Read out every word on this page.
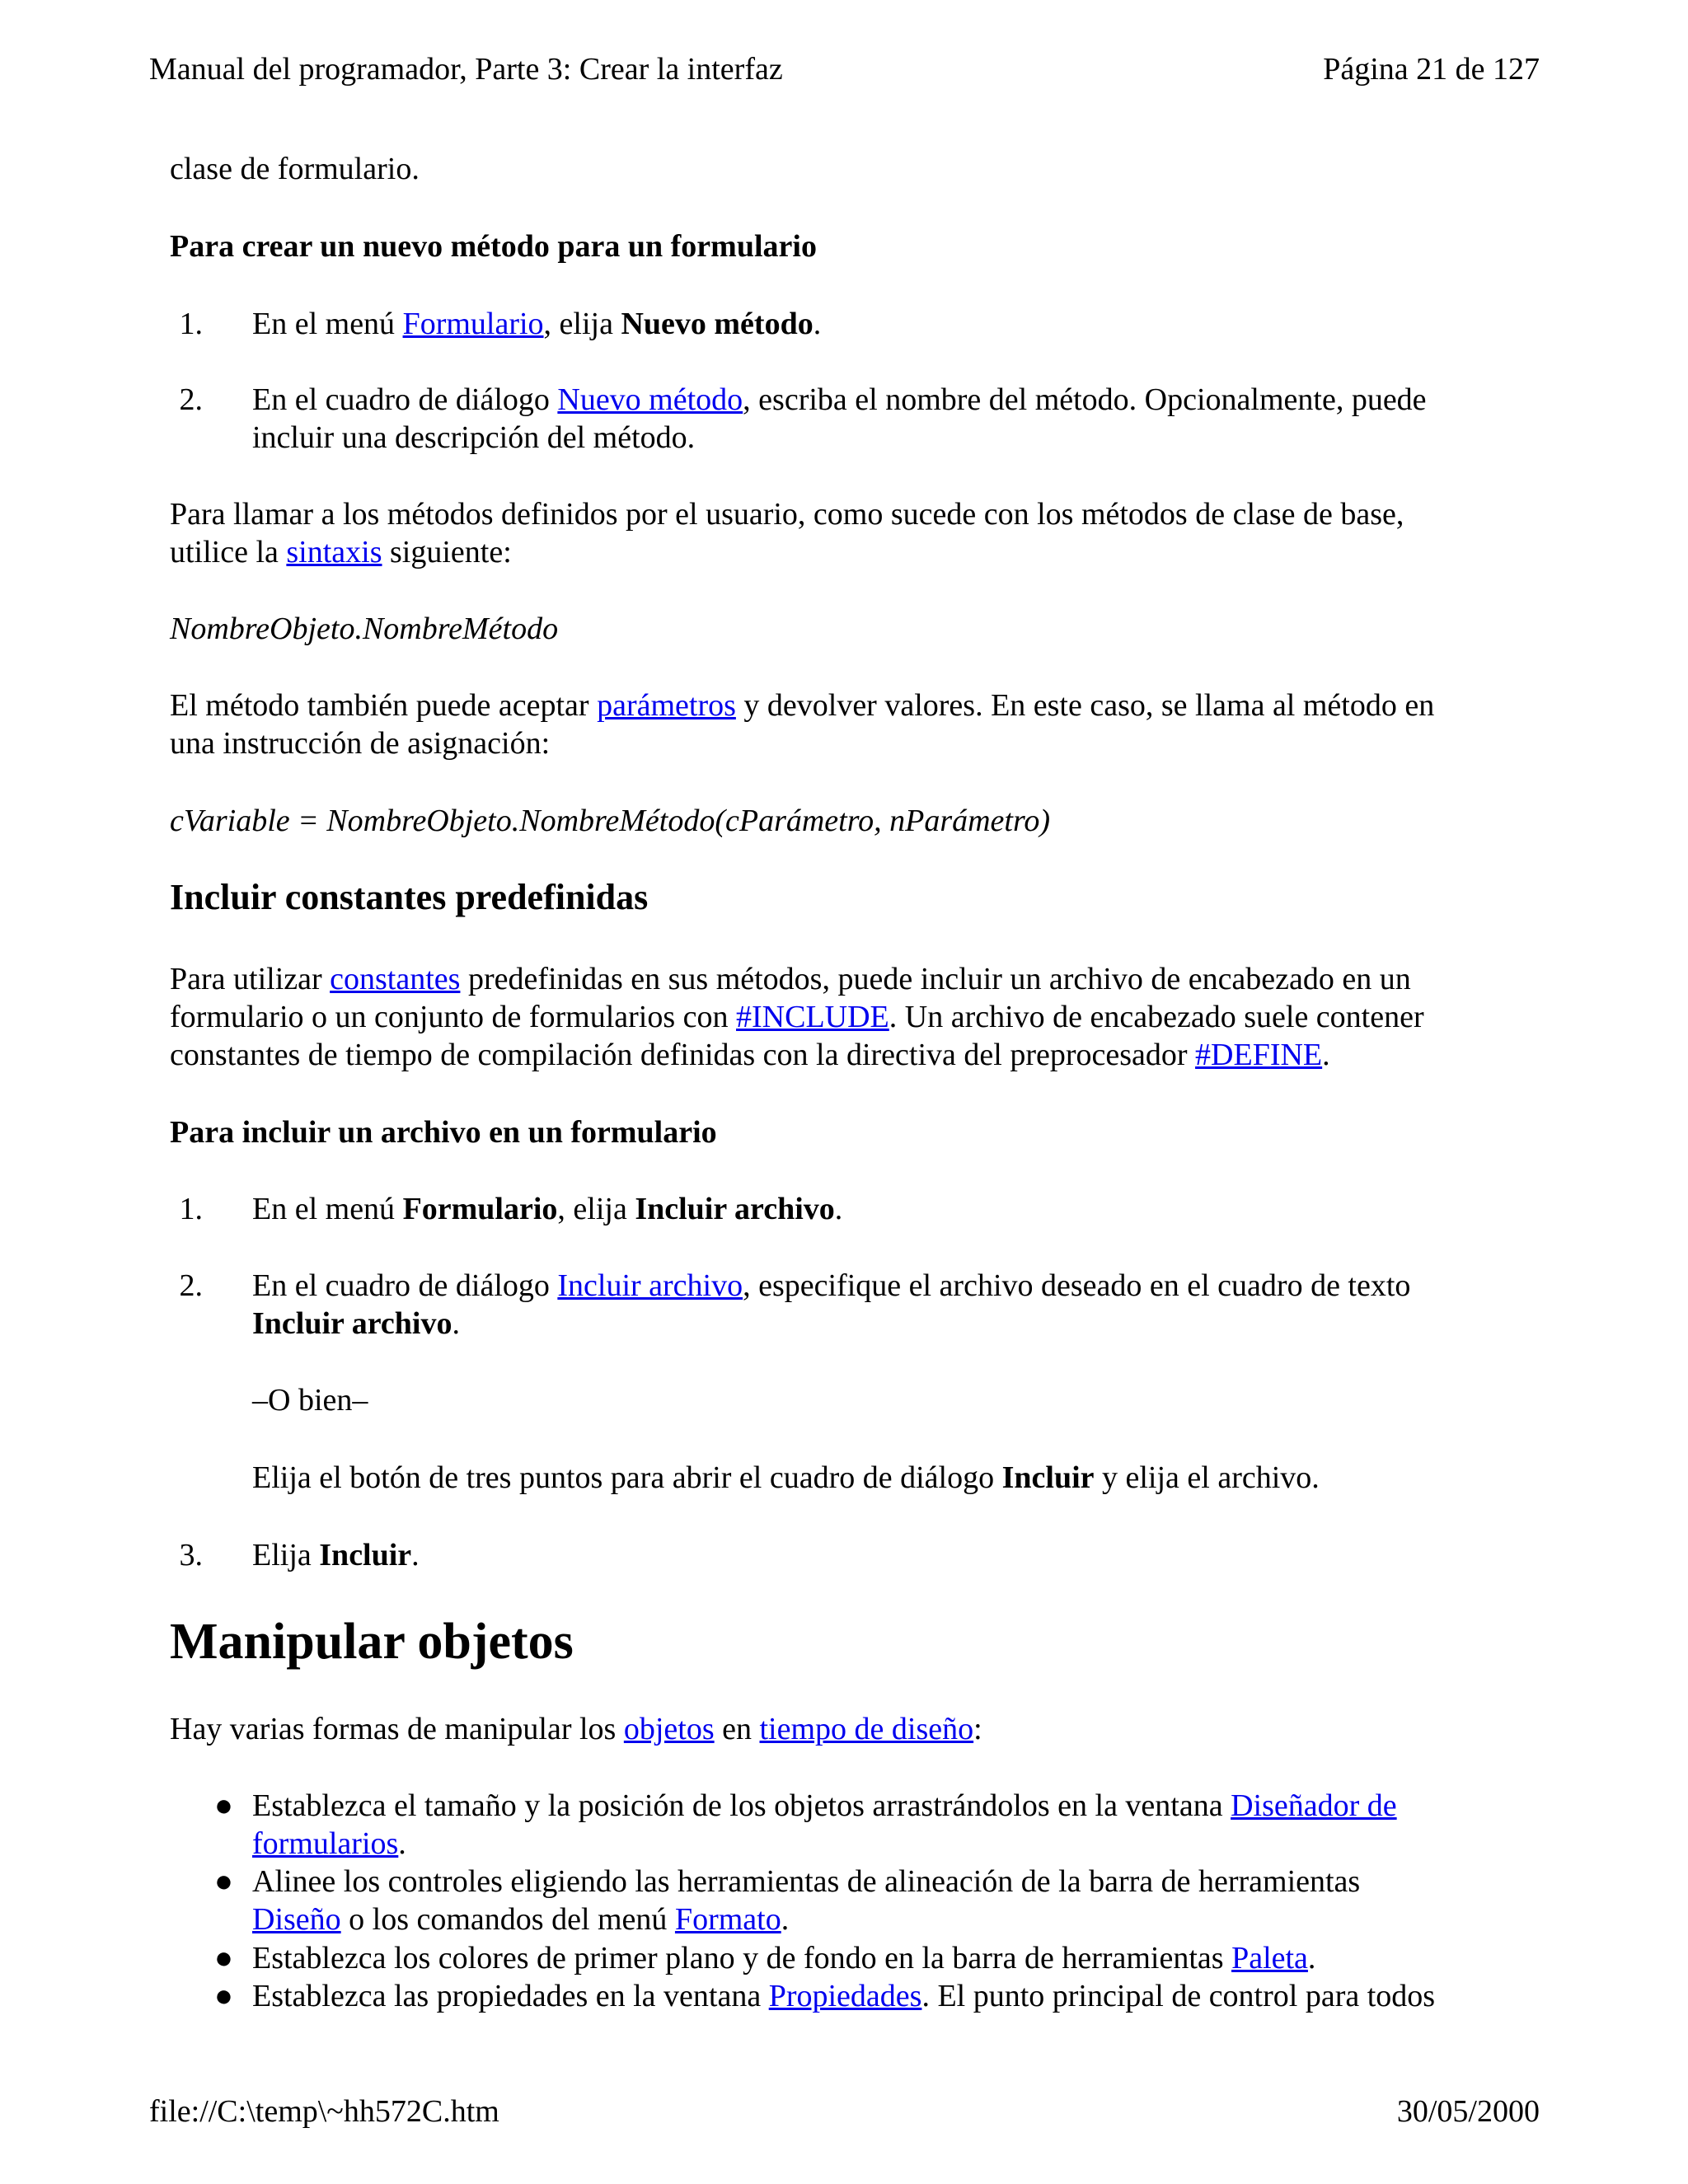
Manual del programador, Parte 3: Crear la interfaz	Página 21 de 127
clase de formulario.
Para crear un nuevo método para un formulario
1. En el menú Formulario, elija Nuevo método.
2. En el cuadro de diálogo Nuevo método, escriba el nombre del método. Opcionalmente, puede
incluir una descripción del método.
Para llamar a los métodos definidos por el usuario, como sucede con los métodos de clase de base,
utilice la sintaxis siguiente:
NombreObjeto.NombreMétodo
El método también puede aceptar parámetros y devolver valores. En este caso, se llama al método en
una instrucción de asignación:
cVariable = NombreObjeto.NombreMétodo(cParámetro, nParámetro)
Incluir constantes predefinidas
Para utilizar constantes predefinidas en sus métodos, puede incluir un archivo de encabezado en un
formulario o un conjunto de formularios con #INCLUDE. Un archivo de encabezado suele contener
constantes de tiempo de compilación definidas con la directiva del preprocesador #DEFINE.
Para incluir un archivo en un formulario
1. En el menú Formulario, elija Incluir archivo.
2. En el cuadro de diálogo Incluir archivo, especifique el archivo deseado en el cuadro de texto
Incluir archivo.
–O bien–
Elija el botón de tres puntos para abrir el cuadro de diálogo Incluir y elija el archivo.
3. Elija Incluir.
Manipular objetos
Hay varias formas de manipular los objetos en tiempo de diseño:
● Establezca el tamaño y la posición de los objetos arrastrándolos en la ventana Diseñador de
formularios.
● Alinee los controles eligiendo las herramientas de alineación de la barra de herramientas
Diseño o los comandos del menú Formato.
● Establezca los colores de primer plano y de fondo en la barra de herramientas Paleta.
● Establezca las propiedades en la ventana Propiedades. El punto principal de control para todos
file://C:\temp\~hh572C.htm	30/05/2000
